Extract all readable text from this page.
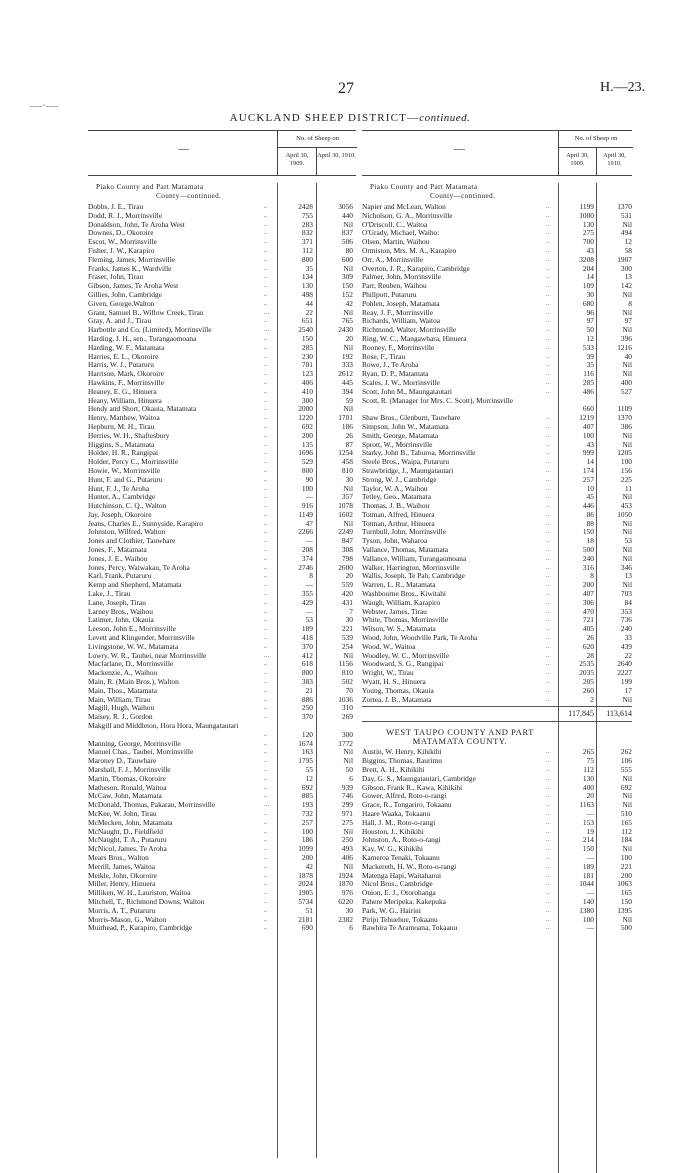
—·—
27	H.—23.
AUCKLAND SHEEP DISTRICT—continued.
—
No. of Sheep on
April 30, 1909.
April 30, 1910.
Piako County and Part Matamata
County—continued.
Dobbs, J. E., Tirau	..	2428	3056
Dodd, R. J., Morrinsville	..	755	440
Donaldson, John, Te Aroha West	..	283	Nil
Downes, D., Okoroire	..	832	837
Escot, W., Morrinsville	..	371	506
Fisher, J. W., Karapiro	..	112	80
Fleming, James, Morrinsville	..	800	600
Franks, James K., Wardville	..	35	Nil
Fraser, John, Tirau	..	134	309
Gibson, James, Te Aroha West	..	130	150
Gillies, John, Cambridge	..	498	152
Given, George,Walton	..	44	42
Grant, Samuel B., Willow Creek, Tirau	...	22	Nil
Gray, A. and J., Tirau	..	651	765
Harbottle and Co. (Limited), Morrinsville	...	2540	2430
Harding, J. H., sen., Turangaomoana	..	150	20
Harding, W. F., Matamata	..	285	Nil
Harries, E. L., Okoroire	..	230	192
Harris, W. J., Putaruru	..	781	333
Harrison, Mark, Okoroire	..	123	2612
Hawkins, F., Morrinsville	..	406	445
Heaney, E. G., Hinuera	..	410	394
Heany, William, Hinuera	..	300	59
Hendy and Short, Okauia, Matamata	..	2000	Nil
Henry, Matthew, Waitoa	..	1220	1701
Hepburn, M. H., Tirau	..	692	186
Herries, W. H., Shaftesbury	..	200	26
Higgins, S., Matamata	..	135	87
Holder, H. R., Rangipai	..	1696	1254
Holder, Percy C., Morrinsville	..	529	458
Howie, W., Morrinsville	..	800	810
Hunt, F. and G., Putaruru	..	90	30
Hunt, F. J., Te Aroha	..	100	Nil
Hunter, A., Cambridge	..	—	357
Hutchinson, C. Q., Walton	..	916	1078
Jay, Joseph, Okoroire	..	1149	1602
Jeans, Charles E., Sunnyside, Karapiro	..	47	Nil
Johnston, Wilfred, Walton	..	2266	2249
Jones and Clothier, Tauwhare	..	—	847
Jones, F., Matamata	..	208	308
Jones, J. E., Waihou	..	374	798
Jones, Percy, Waiwakau, Te Aroha	..	2746	2600
Karl, Frank, Putaruru	..	8	20
Kemp and Shepherd, Matamata	..	—	559
Lake, J., Tirau	..	355	420
Lane, Joseph, Tirau	..	429	431
Larney Bros., Waihou	..	—	7
Latimer, John, Okauia	..	53	30
Leeson, John E., Morrinsville	..	189	221
Levett and Klingender, Morrinsville	..	418	539
Livingstone, W. W., Matamata	..	370	254
Lowry, W. R., Tauhei, near Morrinsville	...	412	Nil
Macfarlane, D., Morrinsville	..	618	1156
Mackenzie, A., Waihou	..	800	810
Main, R. (Main Bros.), Walton	..	383	502
Main, Thos., Matamata	..	21	70
Main, William, Tirau	..	886	1036
Magill, Hugh, Waihou	..	250	310
Maisey, R. J., Gordon	..	370	269
Makgill and Middleton, Hora Hora, Maungatautari
..	120	300
Manning, George, Morrinsville	..	1674	1772
Manuel Chas., Tauhei, Morrinsville	..	163	Nil
Maroney D., Tauwhare	..	1795	Nil
Marshall, F. J., Morrinsville	..	55	50
Martin, Thomas, Okoroire	..	12	6
Matheson, Ronald, Waitoa	..	692	939
McCaw, John, Matamata	..	885	746
McDonald, Thomas, Pakarau, Morrinsville	...	193	299
McKee, W. John, Tirau	..	732	971
McMecken, John, Matamata	..	257	275
McNaught, D., Fieldfield	..	100	Nil
McNaught, T. A., Putaruru	..	186	250
McNicol, James, Te Aroha	..	1099	493
Mears Bros., Walton	..	200	406
Merrill, James, Waitoa	..	42	Nil
Meikle, John, Okoroire	..	1878	1924
Miller, Henry, Hinuera	..	2024	1870
Milliken, W. H., Lauriston, Waitoa	..	1905	976
Mitchell, T., Richmond Downs, Walton	..	5734	6220
Morris, A. T., Putaruru	..	51	30
Morris-Mason, G., Walton	..	2181	2382
Muirhead, P., Karapiro, Cambridge	..	690	6
—
No. of Sheep on
April 30, 1909.
April 30, 1910.
Piako County and Part Matamata
County—continued.
Napier and McLean, Walton	..	1199	1370
Nicholson, G. A., Morrinsville	..	1000	531
O'Driscoll, C., Waitoa	..	130	Nil
O'Grady, Michael, Waiho:	..	275	494
Olsen, Martin, Waihou	..	700	12
Ormiston, Mrs. M. A., Karapiro	..	43	58
Orr, A., Morrinsville	..	3208	1907
Overton, J. R., Karapiro, Cambridge	..	204	300
Palmer, John, Morrinsville	..	14	13
Parr, Reuben, Waihou	..	109	142
Phillpott, Putaruru	..	30	Nil
Pohlen, Joseph, Matamata	..	680	8
Reay, J. F., Morrinsville	..	96	Nil
Richards, William, Waitoa	..	97	97
Richmond, Walter, Morrinsville	..	50	Nil
Ring, W. C., Mangawhara, Hinuera	..	12	396
Rooney, F., Morrinsville	..	533	1216
Rose, F., Tirau	..	39	40
Rowe, J., Te Aroha	..	35	Nil
Ryan, D. P., Matamata	..	116	Nil
Scales, J. W., Morrinsville	..	285	400
Scott, John M., Maungatautari	..	486	527
Scott, R. (Manager for Mrs. C. Scott), Morrinsville
660	1109
Shaw Bros., Glenburn, Tauwhare	..	1219	1370
Simpson, John W., Matamata	..	407	386
Smith, George, Matamata	..	100	Nil
Sprott, W., Morrinsville	..	43	Nil
Starky, John B., Tahuroa, Morrinsville	..	999	1205
Steele Bros., Waipa, Putaruru	..	14	100
Strawbridge, J., Maungatautari	..	174	156
Strong, W. J., Cambridge	..	257	225
Taylor, W. A., Waihou	..	10	11
Tetley, Geo., Matamata	..	45	Nil
Thomas, J. B., Waihou	..	446	453
Totman, Alfred, Hinuera	..	86	1050
Totman, Arthur, Hinuera	..	88	Nil
Turnbull, John, Morrinsville	..	150	Nil
Tyson, John, Waharoa	..	18	53
Vallance, Thomas, Matamata	..	500	Nil
Vallance, William, Turangaomoana	..	240	Nil
Walker, Harrington, Morrinsville	..	316	346
Wallis, Joseph, Te Pah, Cambridge	..	8	13
Warren, L. R., Matamata	..	200	Nil
Washbourne Bros., Kiwitahi	..	407	703
Waugh, William, Karapiro	..	306	84
Webster, James, Tirau	..	470	353
White, Thomas, Morrinsville	..	721	736
Wilson, W. S., Matamata	..	405	240
Wood, John, Woodville Park, Te Aroha	..	26	33
Wood, W., Waitoa	..	620	439
Woodley, W. C., Morrinsville	..	28	22
Woodward, S. G., Rangipai	..	2535	2640
Wright, W., Tirau	..	2035	2227
Wyatt, H. S., Hinuera	..	205	199
Young, Thomas, Okauia	..	260	17
Zortea, J. B., Matamata	..	2	Nil
117,845	113,614
WEST TAUPO COUNTY AND PART
MATAMATA COUNTY.
Austin, W. Henry, Kihikihi	..	265	262
Biggins, Thomas, Raurimu	..	75	106
Brett, A. H., Kihikihi	..	112	555
Day, G. S., Maungatautari, Cambridge	..	130	Nil
Gibson, Frank R., Kawa, Kihikihi	..	400	692
Gower, Alfred, Roto-o-rangi	..	20	Nil
Grace, R., Tongariro, Tokaanu	..	1163	Nil
Haare Waaka, Tokaanu	..	—	510
Hall, J. M., Roto-o-rangi	..	153	165
Houston, J., Kihikihi	..	19	112
Johnston, A., Roto-o-rangi	..	214	184
Kay, W. G., Kihikihi	..	150	Nil
Kameroa Tenaki, Tokaanu	..	—	100
Mackereth, H. W., Roto-o-rangi	..	189	221
Matenga Hapi, Waitahanui	..	181	200
Nicol Bros., Cambridge	..	1044	1063
Onion, E. J., Otorohanga	..	—	165
Pahere Meripeka, Kakepuka	..	140	150
Park, W. G., Hairini	..	1380	1395
Piripi Tehuehue, Tokaanu	..	100	Nil
Rawhira Te Aramoana, Tokaanu	..	—	500
